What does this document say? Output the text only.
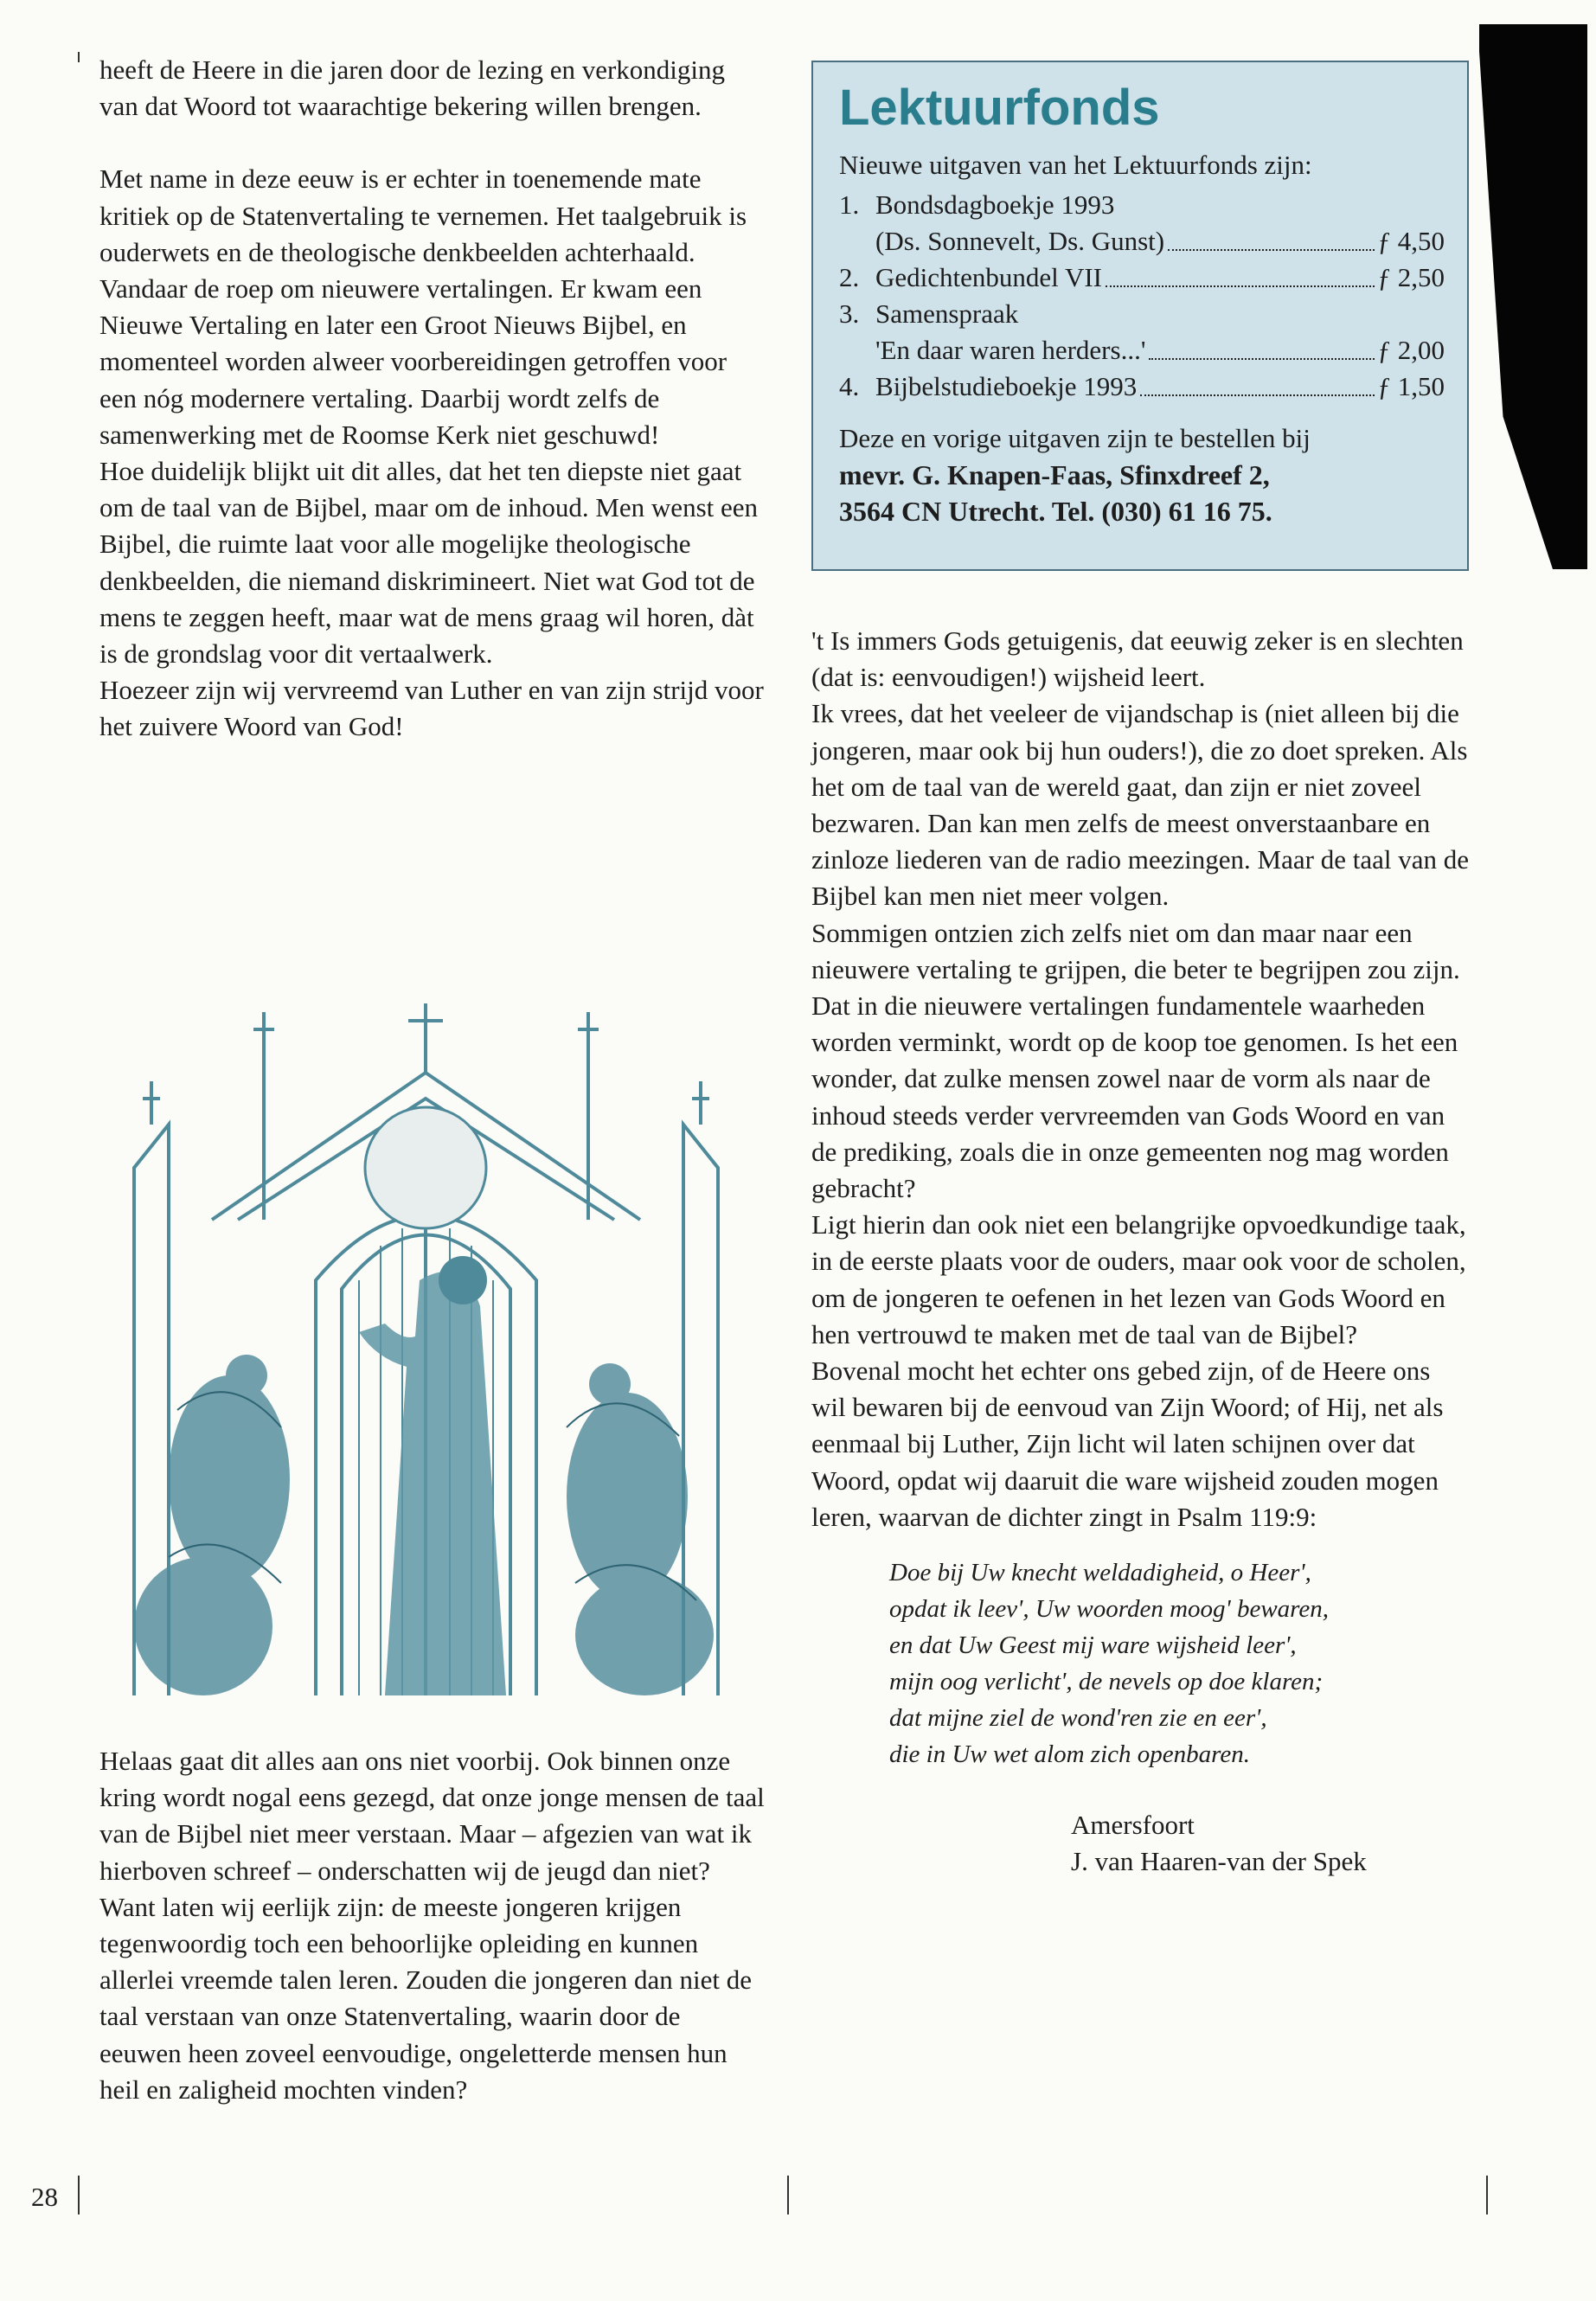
heeft de Heere in die jaren door de lezing en verkondiging van dat Woord tot waarachtige bekering willen brengen.

Met name in deze eeuw is er echter in toenemende mate kritiek op de Statenvertaling te vernemen. Het taalgebruik is ouderwets en de theologische denkbeelden achterhaald. Vandaar de roep om nieuwere vertalingen. Er kwam een Nieuwe Vertaling en later een Groot Nieuws Bijbel, en momenteel worden alweer voorbereidingen getroffen voor een nóg modernere vertaling. Daarbij wordt zelfs de samenwerking met de Roomse Kerk niet geschuwd!

Hoe duidelijk blijkt uit dit alles, dat het ten diepste niet gaat om de taal van de Bijbel, maar om de inhoud. Men wenst een Bijbel, die ruimte laat voor alle mogelijke theologische denkbeelden, die niemand diskrimineert. Niet wat God tot de mens te zeggen heeft, maar wat de mens graag wil horen, dàt is de grondslag voor dit vertaalwerk.

Hoezeer zijn wij vervreemd van Luther en van zijn strijd voor het zuivere Woord van God!

Helaas gaat dit alles aan ons niet voorbij. Ook binnen onze kring wordt nogal eens gezegd, dat onze jonge mensen de taal van de Bijbel niet meer verstaan. Maar – afgezien van wat ik hierboven schreef – onderschatten wij de jeugd dan niet? Want laten wij eerlijk zijn: de meeste jongeren krijgen tegenwoordig toch een behoorlijke opleiding en kunnen allerlei vreemde talen leren. Zouden die jongeren dan niet de taal verstaan van onze Statenvertaling, waarin door de eeuwen heen zoveel eenvoudige, ongeletterde mensen hun heil en zaligheid mochten vinden?

28
Lektuurfonds
Nieuwe uitgaven van het Lektuurfonds zijn:
1. Bondsdagboekje 1993
(Ds. Sonnevelt, Ds. Gunst)	ƒ 4,50
2. Gedichtenbundel VII	ƒ 2,50
3. Samenspraak
'En daar waren herders...'	ƒ 2,00
4. Bijbelstudieboekje 1993	ƒ 1,50
Deze en vorige uitgaven zijn te bestellen bij
mevr. G. Knapen-Faas, Sfinxdreef 2,
3564 CN Utrecht. Tel. (030) 61 16 75.

't Is immers Gods getuigenis, dat eeuwig zeker is en slechten (dat is: eenvoudigen!) wijsheid leert.

Ik vrees, dat het veeleer de vijandschap is (niet alleen bij die jongeren, maar ook bij hun ouders!), die zo doet spreken. Als het om de taal van de wereld gaat, dan zijn er niet zoveel bezwaren. Dan kan men zelfs de meest onverstaanbare en zinloze liederen van de radio meezingen. Maar de taal van de Bijbel kan men niet meer volgen.

Sommigen ontzien zich zelfs niet om dan maar naar een nieuwere vertaling te grijpen, die beter te begrijpen zou zijn. Dat in die nieuwere vertalingen fundamentele waarheden worden verminkt, wordt op de koop toe genomen. Is het een wonder, dat zulke mensen zowel naar de vorm als naar de inhoud steeds verder vervreemden van Gods Woord en van de prediking, zoals die in onze gemeenten nog mag worden gebracht?

Ligt hierin dan ook niet een belangrijke opvoedkundige taak, in de eerste plaats voor de ouders, maar ook voor de scholen, om de jongeren te oefenen in het lezen van Gods Woord en hen vertrouwd te maken met de taal van de Bijbel?

Bovenal mocht het echter ons gebed zijn, of de Heere ons wil bewaren bij de eenvoud van Zijn Woord; of Hij, net als eenmaal bij Luther, Zijn licht wil laten schijnen over dat Woord, opdat wij daaruit die ware wijsheid zouden mogen leren, waarvan de dichter zingt in Psalm 119:9:

Doe bij Uw knecht weldadigheid, o Heer',
opdat ik leev', Uw woorden moog' bewaren,
en dat Uw Geest mij ware wijsheid leer',
mijn oog verlicht', de nevels op doe klaren;
dat mijne ziel de wond'ren zie en eer',
die in Uw wet alom zich openbaren.
Amersfoort
J. van Haaren-van der Spek
